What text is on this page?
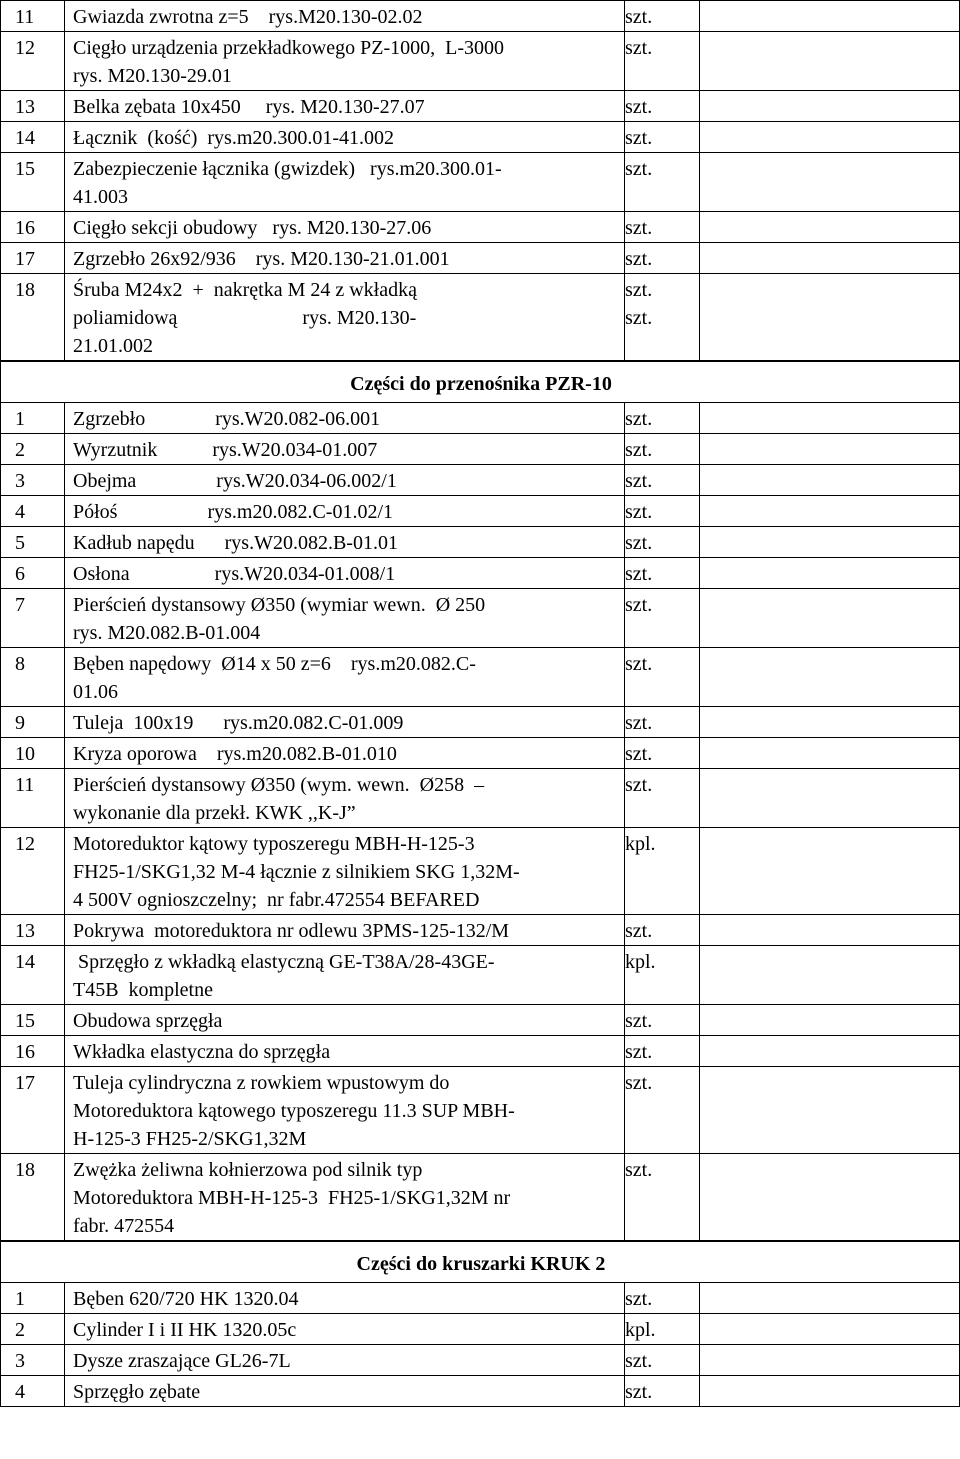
11	Gwiazda zwrotna z=5    rys.M20.130-02.02	szt.	

12	Cięgło urządzenia przekładkowego PZ-1000,  L-3000
rys. M20.130-29.01	szt.	

13	Belka zębata 10x450     rys. M20.130-27.07	szt.	

14	Łącznik  (kość)  rys.m20.300.01-41.002	szt.	

15	Zabezpieczenie łącznika (gwizdek)   rys.m20.300.01-
41.003	szt.	

16	Cięgło sekcji obudowy   rys. M20.130-27.06	szt.	

17	Zgrzebło 26x92/936    rys. M20.130-21.01.001	szt.	

18	Śruba M24x2  +  nakrętka M 24 z wkładką
poliamidową                         rys. M20.130-
21.01.002	szt.
szt.	

Części do przenośnika PZR-10			
1	Zgrzebło              rys.W20.082-06.001	szt.	

2	Wyrzutnik           rys.W20.034-01.007	szt.	

3	Obejma                rys.W20.034-06.002/1	szt.	

4	Półoś                  rys.m20.082.C-01.02/1	szt.	

5	Kadłub napędu      rys.W20.082.B-01.01	szt.	

6	Osłona                 rys.W20.034-01.008/1	szt.	

7	Pierścień dystansowy Ø350 (wymiar wewn.  Ø 250
rys. M20.082.B-01.004	szt.	

8	Bęben napędowy  Ø14 x 50 z=6    rys.m20.082.C-
01.06	szt.	

9	Tuleja  100x19      rys.m20.082.C-01.009	szt.	

10	Kryza oporowa    rys.m20.082.B-01.010	szt.	

11	Pierścień dystansowy Ø350 (wym. wewn.  Ø258  –
wykonanie dla przekł. KWK ,,K-J”	szt.	

12	Motoreduktor kątowy typoszeregu MBH-H-125-3
FH25-1/SKG1,32 M-4 łącznie z silnikiem SKG 1,32M-
4 500V ognioszczelny;  nr fabr.472554 BEFARED	kpl.	

13	Pokrywa  motoreduktora nr odlewu 3PMS-125-132/M	szt.	

14	Sprzęgło z wkładką elastyczną GE-T38A/28-43GE-
T45B  kompletne	kpl.	

15	Obudowa sprzęgła	szt.	

16	Wkładka elastyczna do sprzęgła	szt.	

17	Tuleja cylindryczna z rowkiem wpustowym do
Motoreduktora kątowego typoszeregu 11.3 SUP MBH-
H-125-3 FH25-2/SKG1,32M	szt.	

18	Zwężka żeliwna kołnierzowa pod silnik typ
Motoreduktora MBH-H-125-3  FH25-1/SKG1,32M nr
fabr. 472554	szt.	

Części do kruszarki KRUK 2			
1	Bęben 620/720 HK 1320.04	szt.	

2	Cylinder I i II HK 1320.05c	kpl.	

3	Dysze zraszające GL26-7L	szt.	

4	Sprzęgło zębate	szt.	
